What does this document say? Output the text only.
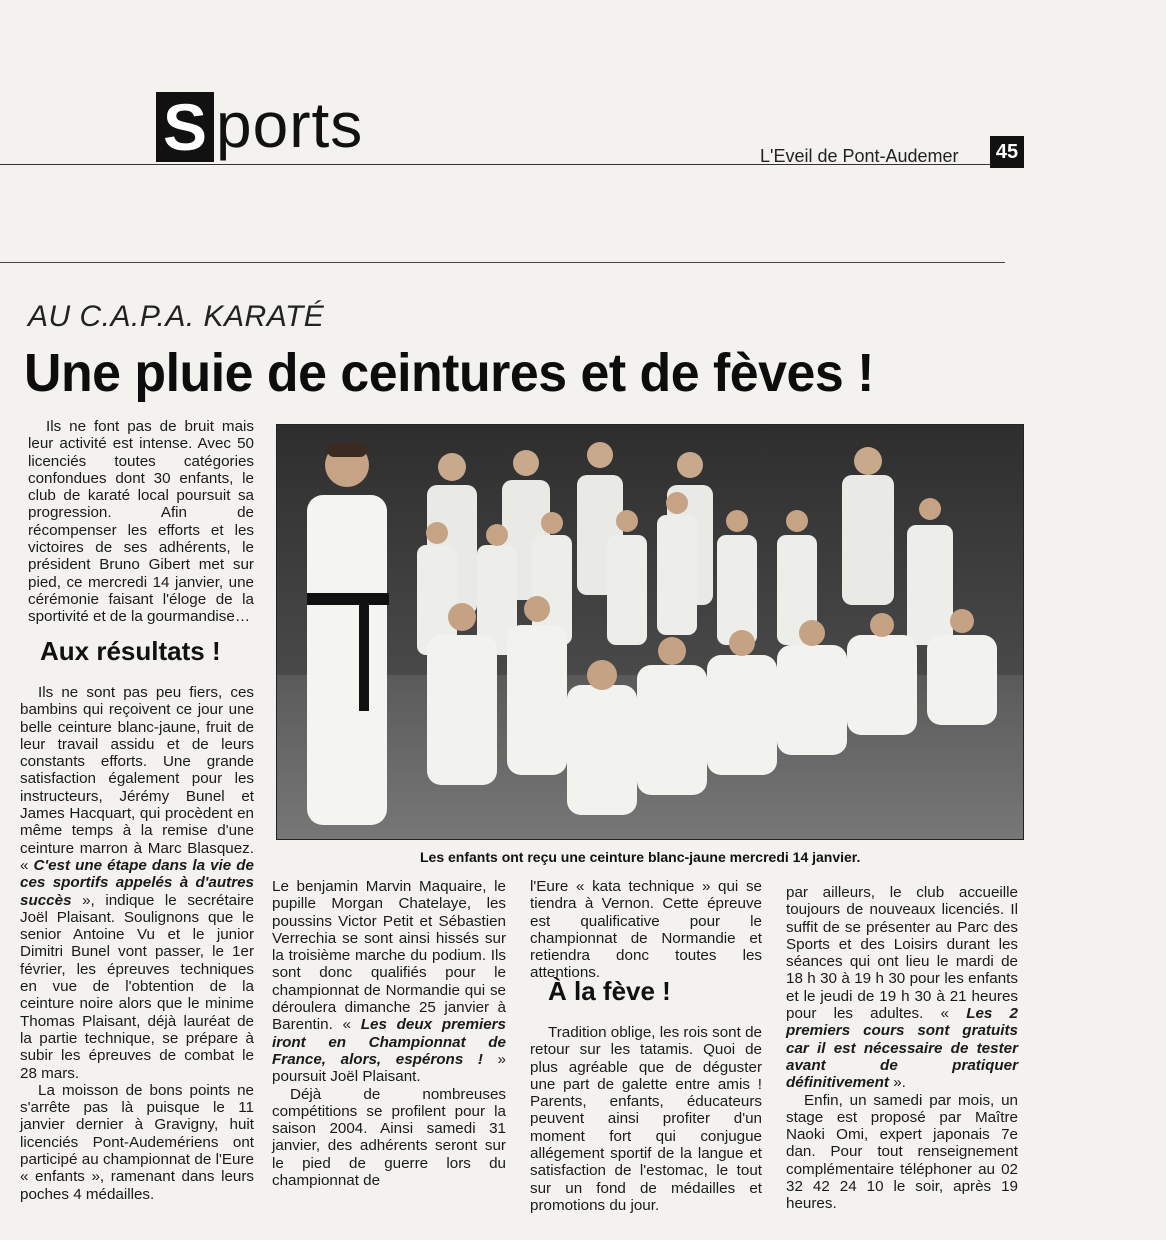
S ports	L'Eveil de Pont-Audemer 45
AU C.A.P.A. KARATÉ
Une pluie de ceintures et de fèves !

Ils ne font pas de bruit mais leur activité est intense. Avec 50 licenciés toutes catégories confondues dont 30 enfants, le club de karaté local poursuit sa progression. Afin de récompenser les efforts et les victoires de ses adhérents, le président Bruno Gibert met sur pied, ce mercredi 14 janvier, une cérémonie faisant l'éloge de la sportivité et de la gourmandise…

Aux résultats !

Ils ne sont pas peu fiers, ces bambins qui reçoivent ce jour une belle ceinture blanc-jaune, fruit de leur travail assidu et de leurs constants efforts. Une grande satisfaction également pour les instructeurs, Jérémy Bunel et James Hacquart, qui procèdent en même temps à la remise d'une ceinture marron à Marc Blasquez. « C'est une étape dans la vie de ces sportifs appelés à d'autres succès », indique le secrétaire Joël Plaisant. Soulignons que le senior Antoine Vu et le junior Dimitri Bunel vont passer, le 1er février, les épreuves techniques en vue de l'obtention de la ceinture noire alors que le minime Thomas Plaisant, déjà lauréat de la partie technique, se prépare à subir les épreuves de combat le 28 mars.

La moisson de bons points ne s'arrête pas là puisque le 11 janvier dernier à Gravigny, huit licenciés Pont-Audemériens ont participé au championnat de l'Eure « enfants », ramenant dans leurs poches 4 médailles.

Les enfants ont reçu une ceinture blanc-jaune mercredi 14 janvier.

Le benjamin Marvin Maquaire, le pupille Morgan Chatelaye, les poussins Victor Petit et Sébastien Verrechia se sont ainsi hissés sur la troisième marche du podium. Ils sont donc qualifiés pour le championnat de Normandie qui se déroulera dimanche 25 janvier à Barentin. « Les deux premiers iront en Championnat de France, alors, espérons ! » poursuit Joël Plaisant.

Déjà de nombreuses compétitions se profilent pour la saison 2004. Ainsi samedi 31 janvier, des adhérents seront sur le pied de guerre lors du championnat de

l'Eure « kata technique » qui se tiendra à Vernon. Cette épreuve est qualificative pour le championnat de Normandie et retiendra donc toutes les attentions.

À la fève !

Tradition oblige, les rois sont de retour sur les tatamis. Quoi de plus agréable que de déguster une part de galette entre amis ! Parents, enfants, éducateurs peuvent ainsi profiter d'un moment fort qui conjugue allégement sportif de la langue et satisfaction de l'estomac, le tout sur un fond de médailles et promotions du jour.

par ailleurs, le club accueille toujours de nouveaux licenciés. Il suffit de se présenter au Parc des Sports et des Loisirs durant les séances qui ont lieu le mardi de 18 h 30 à 19 h 30 pour les enfants et le jeudi de 19 h 30 à 21 heures pour les adultes. « Les 2 premiers cours sont gratuits car il est nécessaire de tester avant de pratiquer définitivement ».

Enfin, un samedi par mois, un stage est proposé par Maître Naoki Omi, expert japonais 7e dan. Pour tout renseignement complémentaire téléphoner au 02 32 42 24 10 le soir, après 19 heures.
